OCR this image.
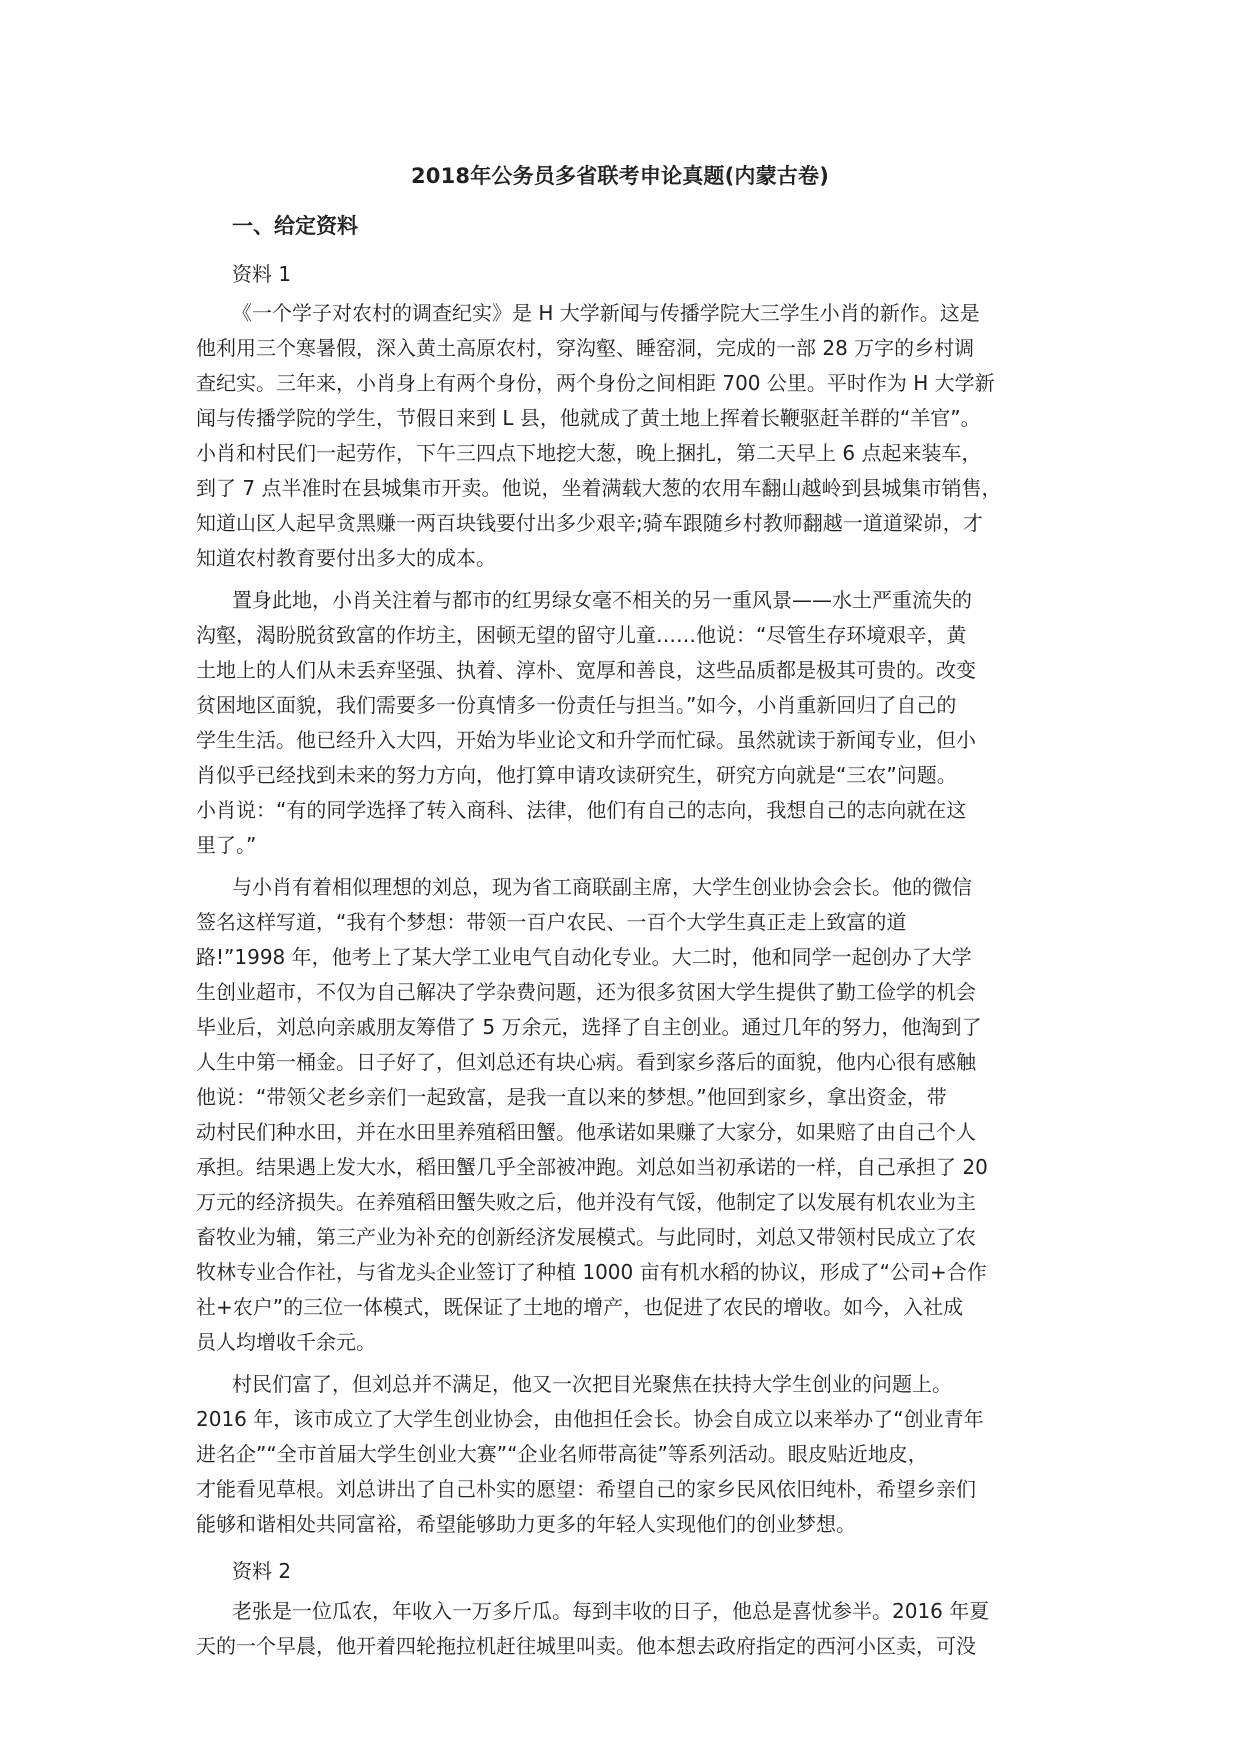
2018年公务员多省联考申论真题(内蒙古卷)
一、给定资料
资料 1
《一个学子对农村的调查纪实》是 H 大学新闻与传播学院大三学生小肖的新作。这是
他利用三个寒暑假，深入黄土高原农村，穿沟壑、睡窑洞，完成的一部 28 万字的乡村调
查纪实。三年来，小肖身上有两个身份，两个身份之间相距 700 公里。平时作为 H 大学新
闻与传播学院的学生，节假日来到 L 县，他就成了黄土地上挥着长鞭驱赶羊群的“羊官”。
小肖和村民们一起劳作，下午三四点下地挖大葱，晚上捆扎，第二天早上 6 点起来装车，
到了 7 点半准时在县城集市开卖。他说，坐着满载大葱的农用车翻山越岭到县城集市销售，
知道山区人起早贪黑赚一两百块钱要付出多少艰辛;骑车跟随乡村教师翻越一道道梁峁，才
知道农村教育要付出多大的成本。
置身此地，小肖关注着与都市的红男绿女毫不相关的另一重风景——水土严重流失的
沟壑，渴盼脱贫致富的作坊主，困顿无望的留守儿童……他说：“尽管生存环境艰辛，黄
土地上的人们从未丢弃坚强、执着、淳朴、宽厚和善良，这些品质都是极其可贵的。改变
贫困地区面貌，我们需要多一份真情多一份责任与担当。”如今，小肖重新回归了自己的
学生生活。他已经升入大四，开始为毕业论文和升学而忙碌。虽然就读于新闻专业，但小
肖似乎已经找到未来的努力方向，他打算申请攻读研究生，研究方向就是“三农”问题。
小肖说：“有的同学选择了转入商科、法律，他们有自己的志向，我想自己的志向就在这
里了。”
与小肖有着相似理想的刘总，现为省工商联副主席，大学生创业协会会长。他的微信
签名这样写道，“我有个梦想：带领一百户农民、一百个大学生真正走上致富的道
路!”1998 年，他考上了某大学工业电气自动化专业。大二时，他和同学一起创办了大学
生创业超市，不仅为自己解决了学杂费问题，还为很多贫困大学生提供了勤工俭学的机会
毕业后，刘总向亲戚朋友筹借了 5 万余元，选择了自主创业。通过几年的努力，他淘到了
人生中第一桶金。日子好了，但刘总还有块心病。看到家乡落后的面貌，他内心很有感触
他说：“带领父老乡亲们一起致富，是我一直以来的梦想。”他回到家乡，拿出资金，带
动村民们种水田，并在水田里养殖稻田蟹。他承诺如果赚了大家分，如果赔了由自己个人
承担。结果遇上发大水，稻田蟹几乎全部被冲跑。刘总如当初承诺的一样，自己承担了 20
万元的经济损失。在养殖稻田蟹失败之后，他并没有气馁，他制定了以发展有机农业为主
畜牧业为辅，第三产业为补充的创新经济发展模式。与此同时，刘总又带领村民成立了农
牧林专业合作社，与省龙头企业签订了种植 1000 亩有机水稻的协议，形成了“公司+合作
社+农户”的三位一体模式，既保证了土地的增产，也促进了农民的增收。如今，入社成
员人均增收千余元。
村民们富了，但刘总并不满足，他又一次把目光聚焦在扶持大学生创业的问题上。
2016 年，该市成立了大学生创业协会，由他担任会长。协会自成立以来举办了“创业青年
进名企”“全市首届大学生创业大赛”“企业名师带高徒”等系列活动。眼皮贴近地皮，
才能看见草根。刘总讲出了自己朴实的愿望：希望自己的家乡民风依旧纯朴，希望乡亲们
能够和谐相处共同富裕，希望能够助力更多的年轻人实现他们的创业梦想。
资料 2
老张是一位瓜农，年收入一万多斤瓜。每到丰收的日子，他总是喜忧参半。2016 年夏
天的一个早晨，他开着四轮拖拉机赶往城里叫卖。他本想去政府指定的西河小区卖，可没
